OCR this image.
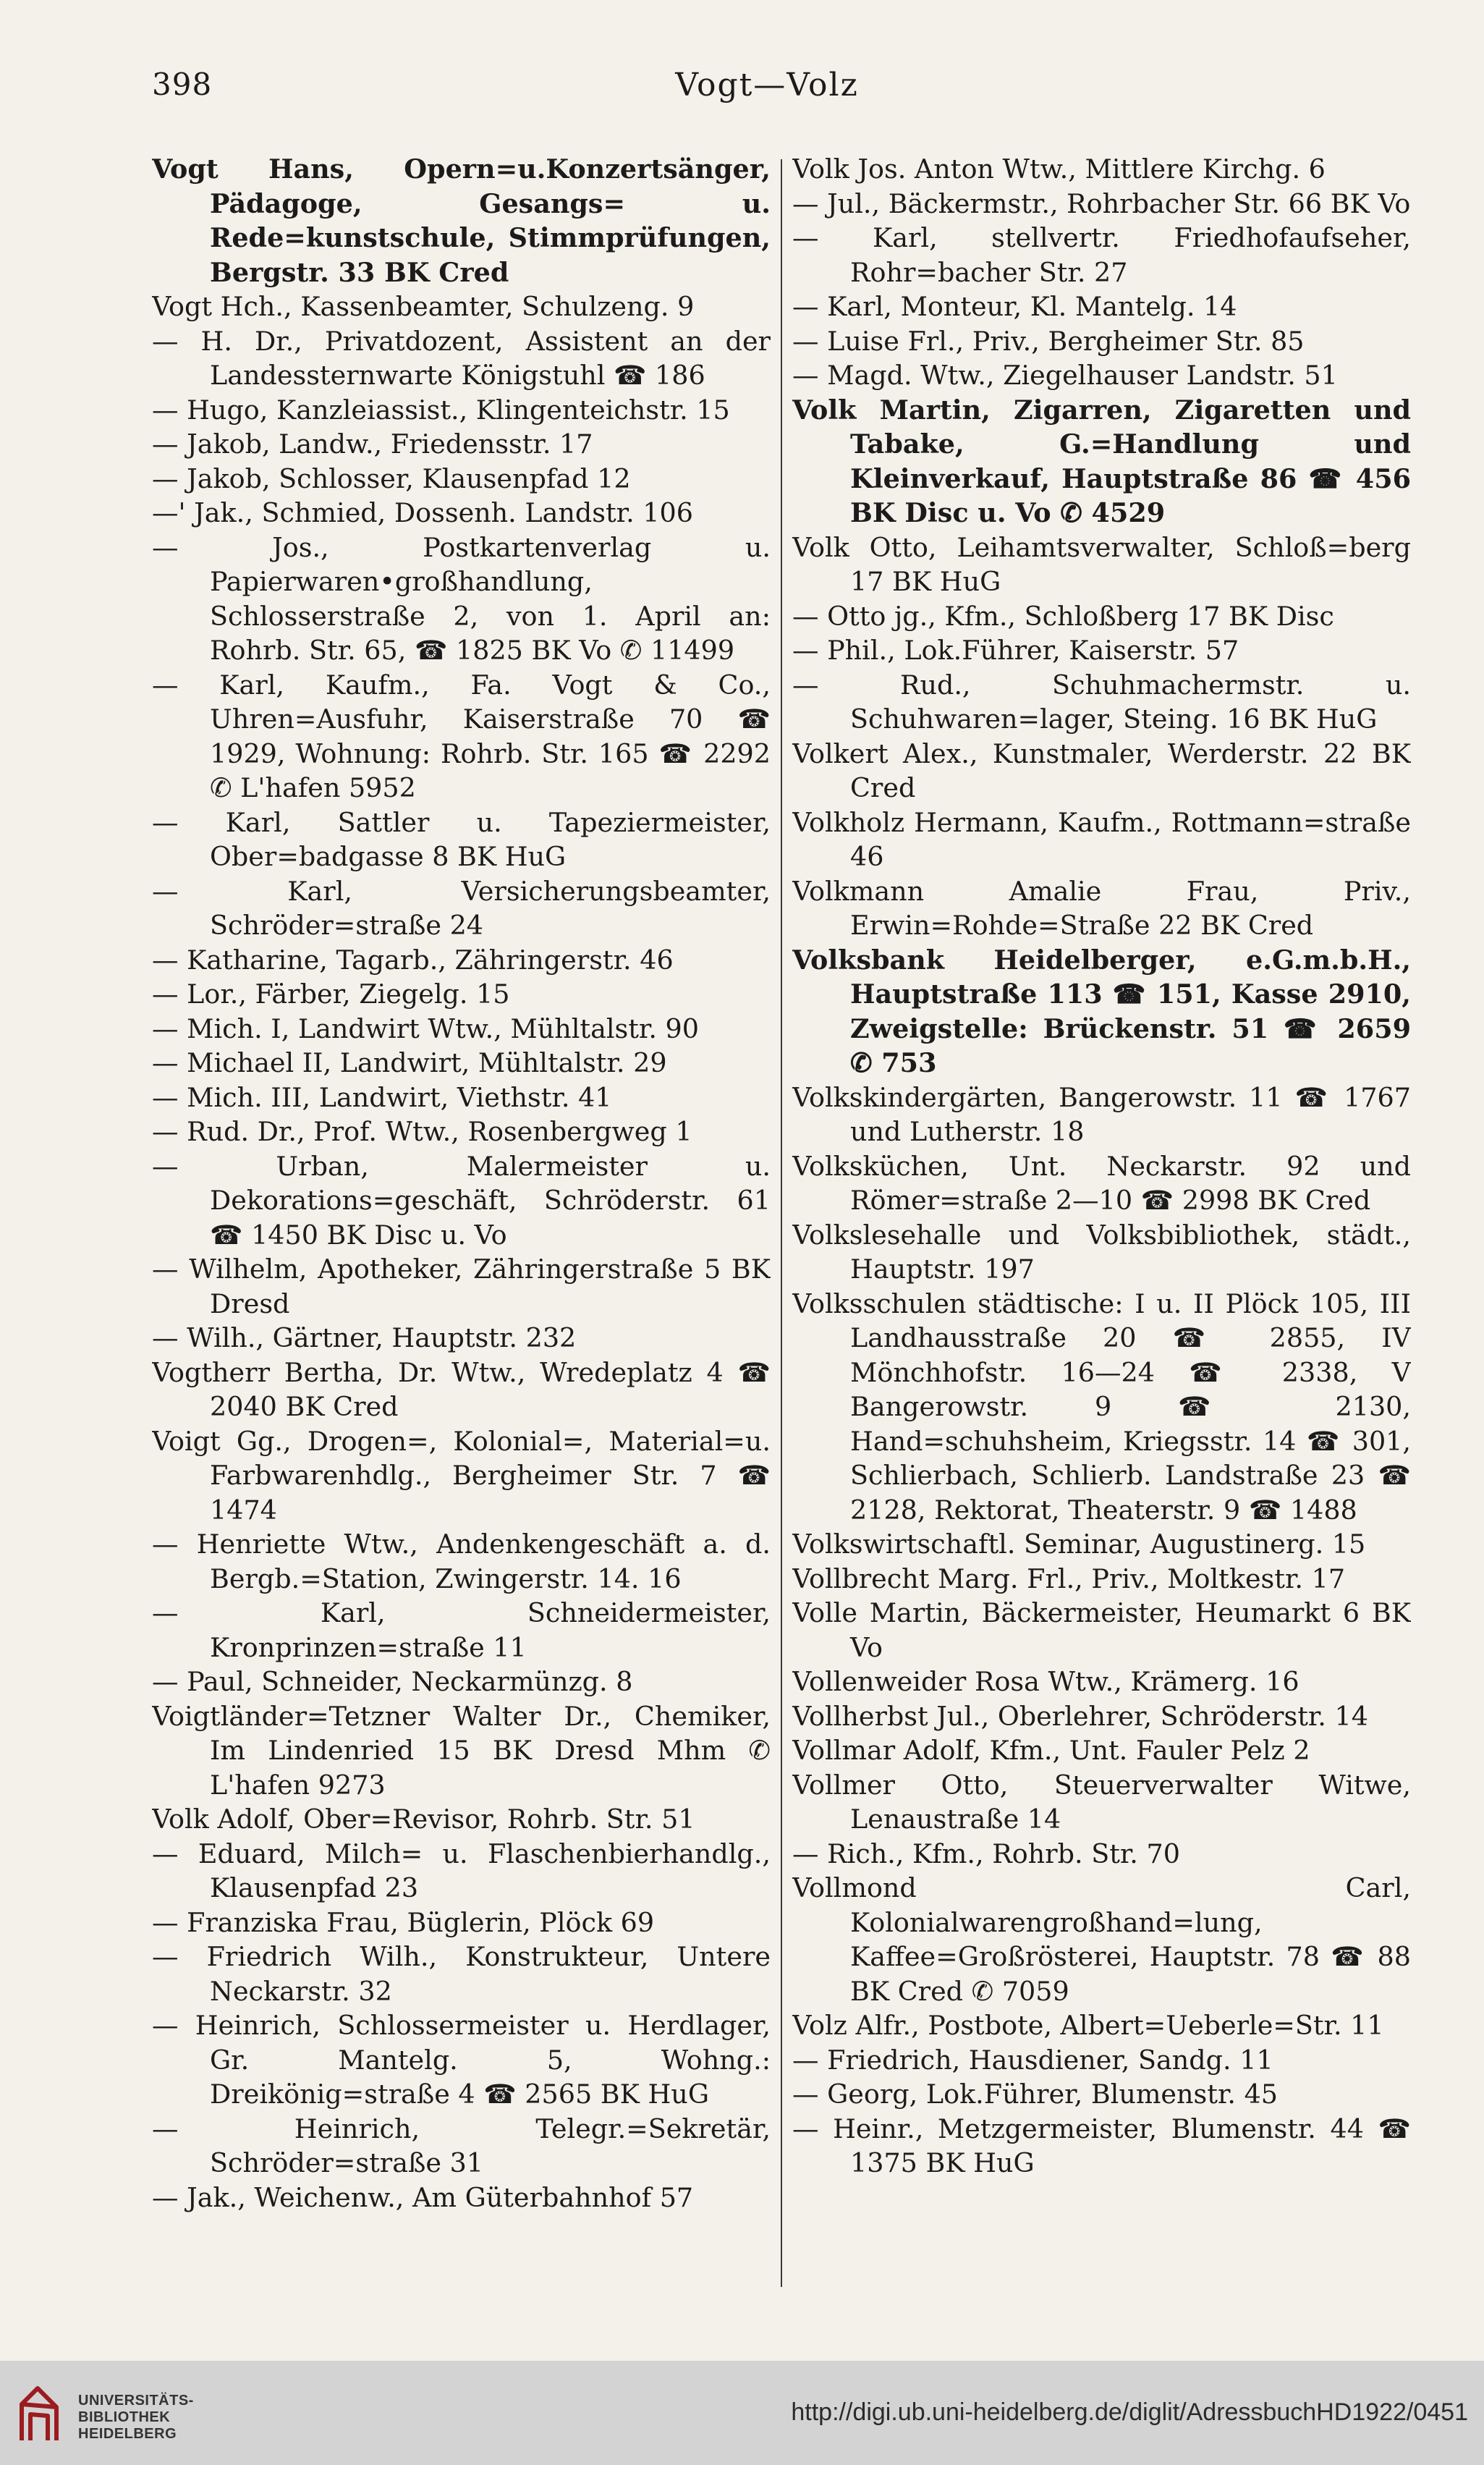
398	Vogt—Volz

Vogt Hans, Opern=u.Konzertsänger, Pädagoge, Gesangs= u. Rede=kunstschule, Stimmprüfungen, Bergstr. 33 BK Cred

Vogt Hch., Kassenbeamter, Schulzeng. 9

— H. Dr., Privatdozent, Assistent an der Landessternwarte Königstuhl ☎ 186

— Hugo, Kanzleiassist., Klingenteichstr. 15

— Jakob, Landw., Friedensstr. 17

— Jakob, Schlosser, Klausenpfad 12

—' Jak., Schmied, Dossenh. Landstr. 106

— Jos., Postkartenverlag u. Papierwaren•großhandlung, Schlosserstraße 2, von 1. April an: Rohrb. Str. 65, ☎ 1825 BK Vo ✆ 11499

— Karl, Kaufm., Fa. Vogt & Co., Uhren=Ausfuhr, Kaiserstraße 70 ☎ 1929, Wohnung: Rohrb. Str. 165 ☎ 2292 ✆ L'hafen 5952

— Karl, Sattler u. Tapeziermeister, Ober=badgasse 8 BK HuG

— Karl, Versicherungsbeamter, Schröder=straße 24

— Katharine, Tagarb., Zähringerstr. 46

— Lor., Färber, Ziegelg. 15

— Mich. I, Landwirt Wtw., Mühltalstr. 90

— Michael II, Landwirt, Mühltalstr. 29

— Mich. III, Landwirt, Viethstr. 41

— Rud. Dr., Prof. Wtw., Rosenbergweg 1

— Urban, Malermeister u. Dekorations=geschäft, Schröderstr. 61 ☎ 1450 BK Disc u. Vo

— Wilhelm, Apotheker, Zähringerstraße 5 BK Dresd

— Wilh., Gärtner, Hauptstr. 232

Vogtherr Bertha, Dr. Wtw., Wredeplatz 4 ☎ 2040 BK Cred

Voigt Gg., Drogen=, Kolonial=, Material=u. Farbwarenhdlg., Bergheimer Str. 7 ☎ 1474

— Henriette Wtw., Andenkengeschäft a. d. Bergb.=Station, Zwingerstr. 14. 16

— Karl, Schneidermeister, Kronprinzen=straße 11

— Paul, Schneider, Neckarmünzg. 8

Voigtländer=Tetzner Walter Dr., Chemiker, Im Lindenried 15 BK Dresd Mhm ✆ L'hafen 9273

Volk Adolf, Ober=Revisor, Rohrb. Str. 51

— Eduard, Milch= u. Flaschenbierhandlg., Klausenpfad 23

— Franziska Frau, Büglerin, Plöck 69

— Friedrich Wilh., Konstrukteur, Untere Neckarstr. 32

— Heinrich, Schlossermeister u. Herdlager, Gr. Mantelg. 5, Wohng.: Dreikönig=straße 4 ☎ 2565 BK HuG

— Heinrich, Telegr.=Sekretär, Schröder=straße 31

— Jak., Weichenw., Am Güterbahnhof 57

Volk Jos. Anton Wtw., Mittlere Kirchg. 6

— Jul., Bäckermstr., Rohrbacher Str. 66 BK Vo

— Karl, stellvertr. Friedhofaufseher, Rohr=bacher Str. 27

— Karl, Monteur, Kl. Mantelg. 14

— Luise Frl., Priv., Bergheimer Str. 85

— Magd. Wtw., Ziegelhauser Landstr. 51

Volk Martin, Zigarren, Zigaretten und Tabake, G.=Handlung und Kleinverkauf, Hauptstraße 86 ☎ 456 BK Disc u. Vo ✆ 4529

Volk Otto, Leihamtsverwalter, Schloß=berg 17 BK HuG

— Otto jg., Kfm., Schloßberg 17 BK Disc

— Phil., Lok.Führer, Kaiserstr. 57

— Rud., Schuhmachermstr. u. Schuhwaren=lager, Steing. 16 BK HuG

Volkert Alex., Kunstmaler, Werderstr. 22 BK Cred

Volkholz Hermann, Kaufm., Rottmann=straße 46

Volkmann Amalie Frau, Priv., Erwin=Rohde=Straße 22 BK Cred

Volksbank Heidelberger, e.G.m.b.H., Hauptstraße 113 ☎ 151, Kasse 2910, Zweigstelle: Brückenstr. 51 ☎ 2659 ✆ 753

Volkskindergärten, Bangerowstr. 11 ☎ 1767 und Lutherstr. 18

Volksküchen, Unt. Neckarstr. 92 und Römer=straße 2—10 ☎ 2998 BK Cred

Volkslesehalle und Volksbibliothek, städt., Hauptstr. 197

Volksschulen städtische: I u. II Plöck 105, III Landhausstraße 20 ☎ 2855, IV Mönchhofstr. 16—24 ☎ 2338, V Bangerowstr. 9 ☎ 2130, Hand=schuhsheim, Kriegsstr. 14 ☎ 301, Schlierbach, Schlierb. Landstraße 23 ☎ 2128, Rektorat, Theaterstr. 9 ☎ 1488

Volkswirtschaftl. Seminar, Augustinerg. 15

Vollbrecht Marg. Frl., Priv., Moltkestr. 17

Volle Martin, Bäckermeister, Heumarkt 6 BK Vo

Vollenweider Rosa Wtw., Krämerg. 16

Vollherbst Jul., Oberlehrer, Schröderstr. 14

Vollmar Adolf, Kfm., Unt. Fauler Pelz 2

Vollmer Otto, Steuerverwalter Witwe, Lenaustraße 14

— Rich., Kfm., Rohrb. Str. 70

Vollmond Carl, Kolonialwarengroßhand=lung, Kaffee=Großrösterei, Hauptstr. 78 ☎ 88 BK Cred ✆ 7059

Volz Alfr., Postbote, Albert=Ueberle=Str. 11

— Friedrich, Hausdiener, Sandg. 11

— Georg, Lok.Führer, Blumenstr. 45

— Heinr., Metzgermeister, Blumenstr. 44 ☎ 1375 BK HuG

UNIVERSITÄTS-
BIBLIOTHEK
HEIDELBERG
http://digi.ub.uni-heidelberg.de/diglit/AdressbuchHD1922/0451
